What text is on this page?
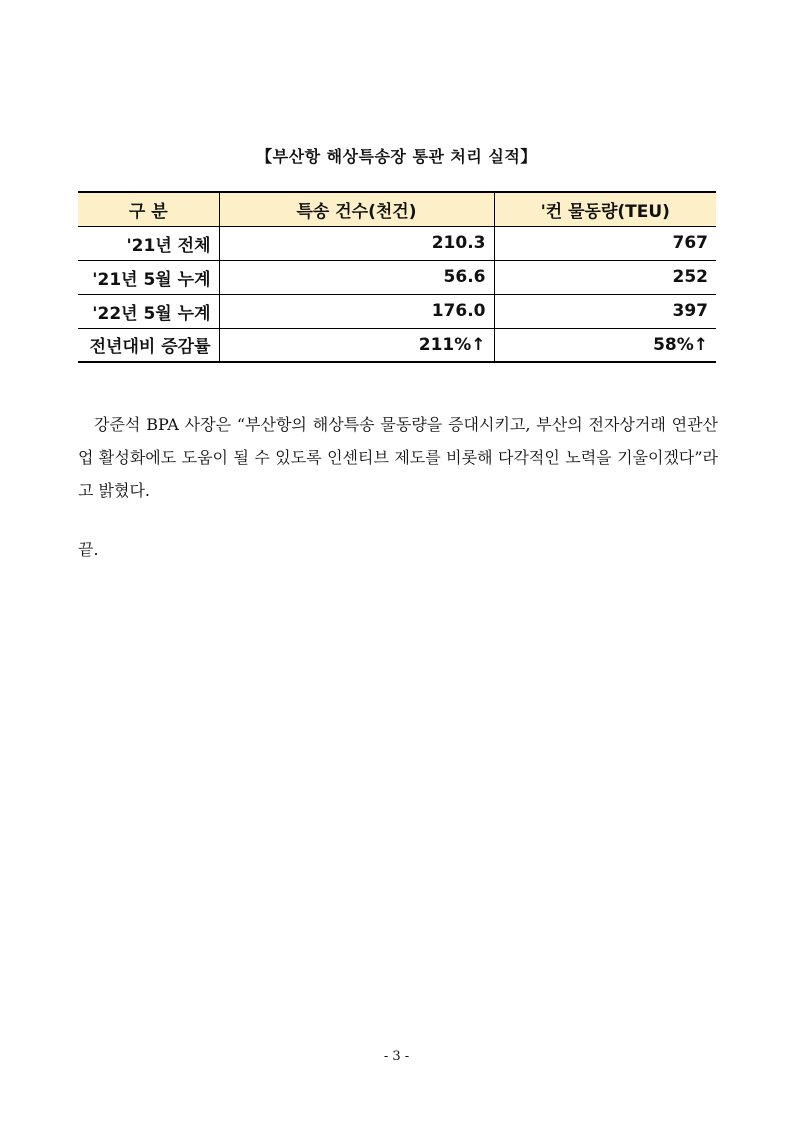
【부산항 해상특송장 통관 처리 실적】
구 분	특송 건수(천건)	'컨 물동량(TEU)
'21년 전체	210.3	767
'21년 5월 누계	56.6	252
'22년 5월 누계	176.0	397
전년대비 증감률	211%↑	58%↑

강준석 BPA 사장은 “부산항의 해상특송 물동량을 증대시키고, 부산의 전자상거래 연관산업 활성화에도 도움이 될 수 있도록 인센티브 제도를 비롯해 다각적인 노력을 기울이겠다”라고 밝혔다.

끝.

- 3 -
